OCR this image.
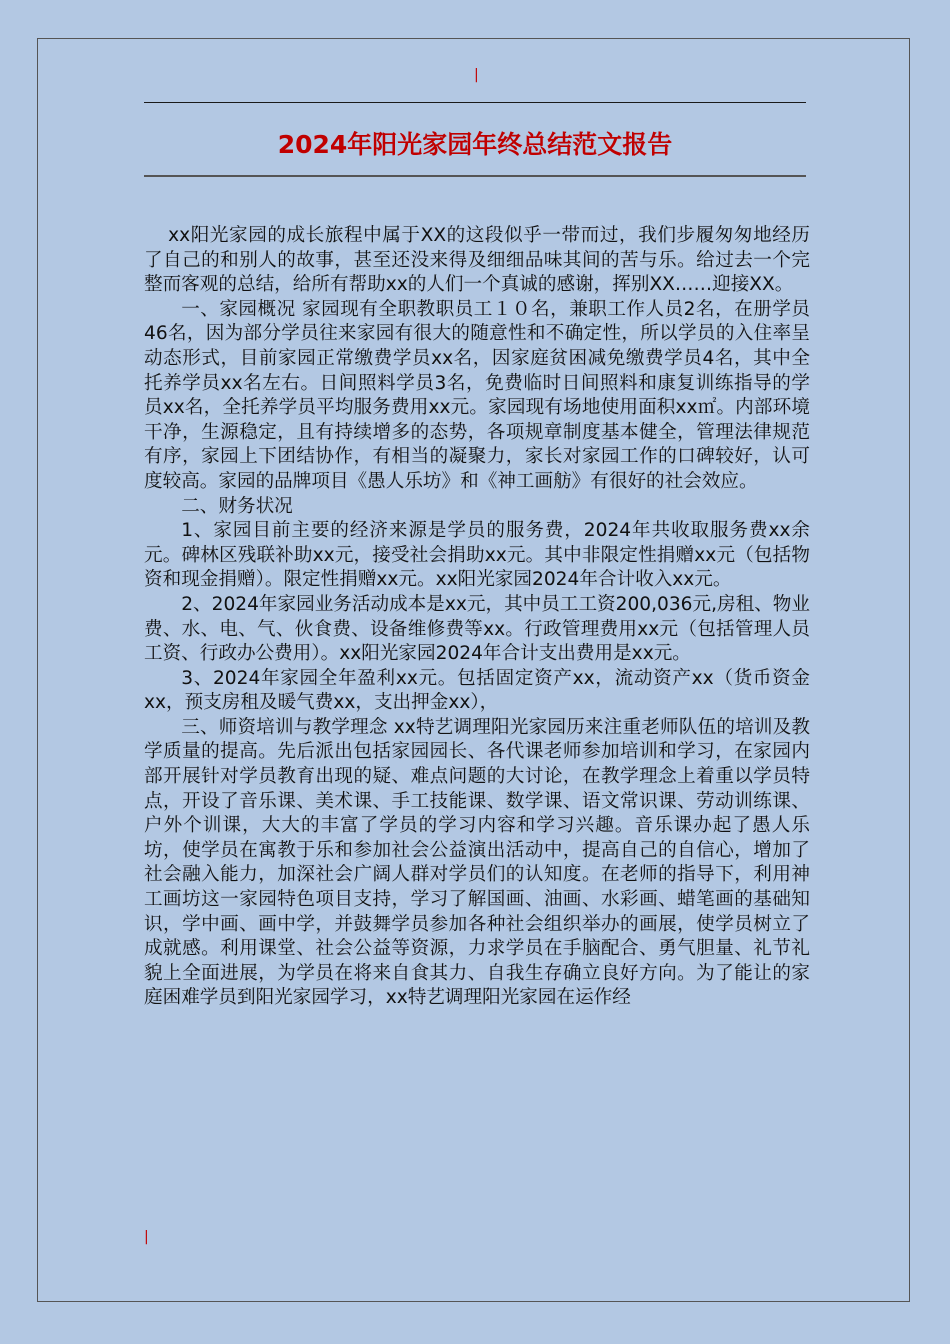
|
2024年阳光家园年终总结范文报告

xx阳光家园的成长旅程中属于XX的这段似乎一带而过，我们步履匆匆地经历了自己的和别人的故事，甚至还没来得及细细品味其间的苦与乐。给过去一个完整而客观的总结，给所有帮助xx的人们一个真诚的感谢，挥别XX……迎接XX。

一、家园概况 家园现有全职教职员工１０名，兼职工作人员2名，在册学员46名，因为部分学员往来家园有很大的随意性和不确定性，所以学员的入住率呈动态形式，目前家园正常缴费学员xx名，因家庭贫困减免缴费学员4名，其中全托养学员xx名左右。日间照料学员3名，免费临时日间照料和康复训练指导的学员xx名，全托养学员平均服务费用xx元。家园现有场地使用面积xx㎡。内部环境干净，生源稳定，且有持续增多的态势，各项规章制度基本健全，管理法律规范有序，家园上下团结协作，有相当的凝聚力，家长对家园工作的口碑较好，认可度较高。家园的品牌项目《愚人乐坊》和《神工画舫》有很好的社会效应。

二、财务状况

1、家园目前主要的经济来源是学员的服务费，2024年共收取服务费xx余元。碑林区残联补助xx元，接受社会捐助xx元。其中非限定性捐赠xx元（包括物资和现金捐赠）。限定性捐赠xx元。xx阳光家园2024年合计收入xx元。

2、2024年家园业务活动成本是xx元，其中员工工资200,036元,房租、物业费、水、电、气、伙食费、设备维修费等xx。行政管理费用xx元（包括管理人员工资、行政办公费用）。xx阳光家园2024年合计支出费用是xx元。

3、2024年家园全年盈利xx元。包括固定资产xx，流动资产xx（货币资金xx，预支房租及暖气费xx，支出押金xx），

三、师资培训与教学理念 xx特艺调理阳光家园历来注重老师队伍的培训及教学质量的提高。先后派出包括家园园长、各代课老师参加培训和学习，在家园内部开展针对学员教育出现的疑、难点问题的大讨论，在教学理念上着重以学员特点，开设了音乐课、美术课、手工技能课、数学课、语文常识课、劳动训练课、户外个训课，大大的丰富了学员的学习内容和学习兴趣。音乐课办起了愚人乐坊，使学员在寓教于乐和参加社会公益演出活动中，提高自己的自信心，增加了社会融入能力，加深社会广阔人群对学员们的认知度。在老师的指导下，利用神工画坊这一家园特色项目支持，学习了解国画、油画、水彩画、蜡笔画的基础知识，学中画、画中学，并鼓舞学员参加各种社会组织举办的画展，使学员树立了成就感。利用课堂、社会公益等资源，力求学员在手脑配合、勇气胆量、礼节礼貌上全面进展，为学员在将来自食其力、自我生存确立良好方向。为了能让的家庭困难学员到阳光家园学习，xx特艺调理阳光家园在运作经

|
